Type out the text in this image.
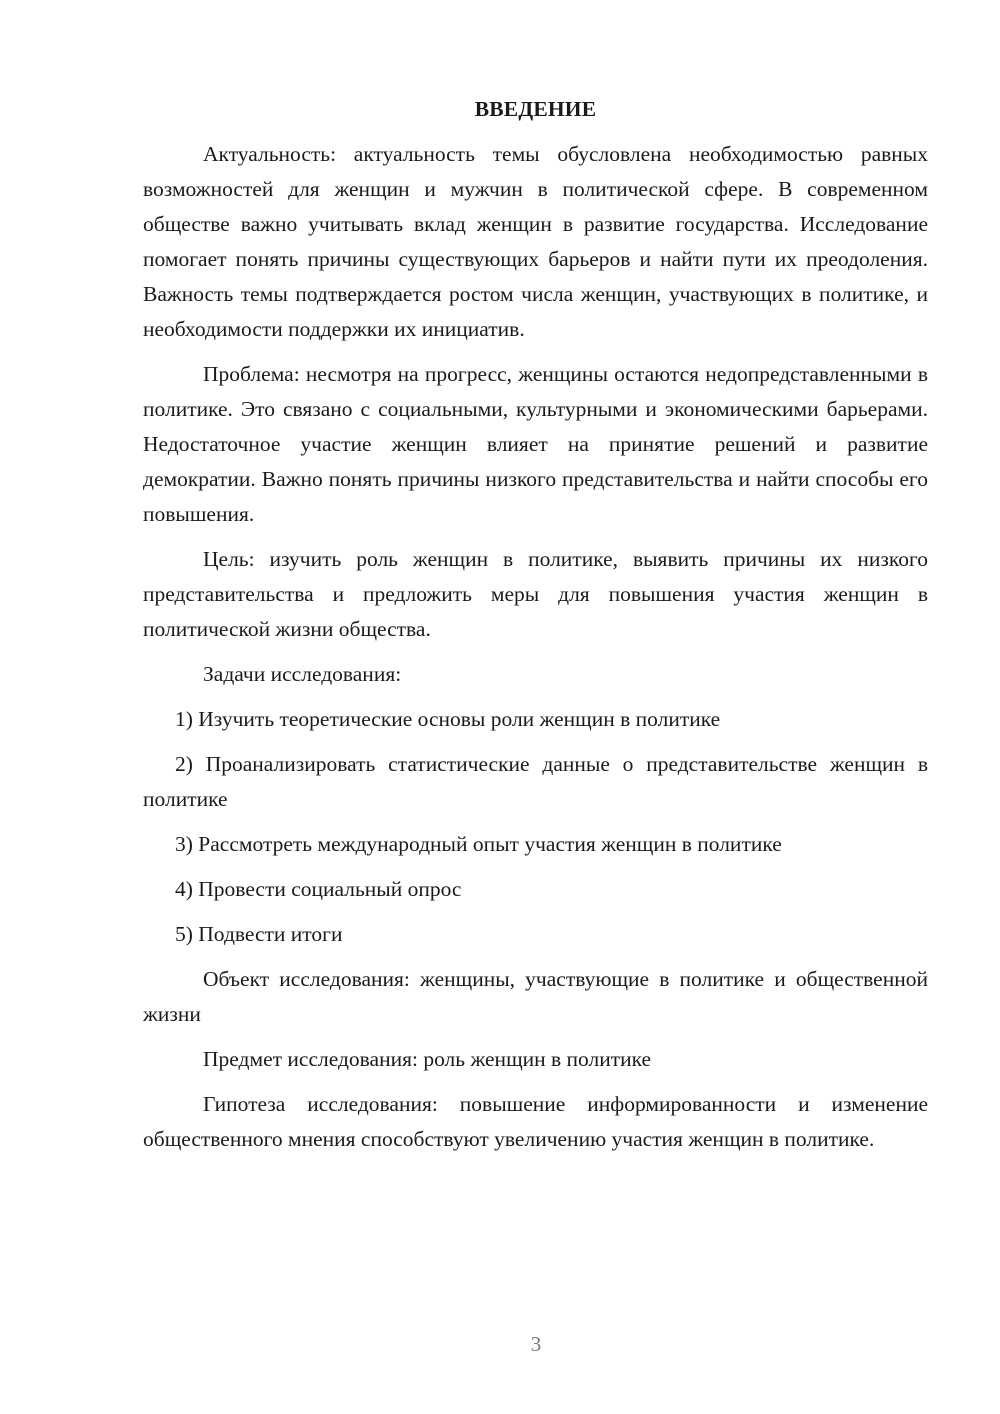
ВВЕДЕНИЕ
Актуальность: актуальность темы обусловлена необходимостью равных возможностей для женщин и мужчин в политической сфере. В современном обществе важно учитывать вклад женщин в развитие государства. Исследование помогает понять причины существующих барьеров и найти пути их преодоления. Важность темы подтверждается ростом числа женщин, участвующих в политике, и необходимости поддержки их инициатив.
Проблема: несмотря на прогресс, женщины остаются недопредставленными в политике. Это связано с социальными, культурными и экономическими барьерами. Недостаточное участие женщин влияет на принятие решений и развитие демократии. Важно понять причины низкого представительства и найти способы его повышения.
Цель: изучить роль женщин в политике, выявить причины их низкого представительства и предложить меры для повышения участия женщин в политической жизни общества.
Задачи исследования:
1) Изучить теоретические основы роли женщин в политике
2) Проанализировать статистические данные о представительстве женщин в политике
3) Рассмотреть международный опыт участия женщин в политике
4) Провести социальный опрос
5) Подвести итоги
Объект исследования: женщины, участвующие в политике и общественной жизни
Предмет исследования: роль женщин в политике
Гипотеза исследования: повышение информированности и изменение общественного мнения способствуют увеличению участия женщин в политике.
3
